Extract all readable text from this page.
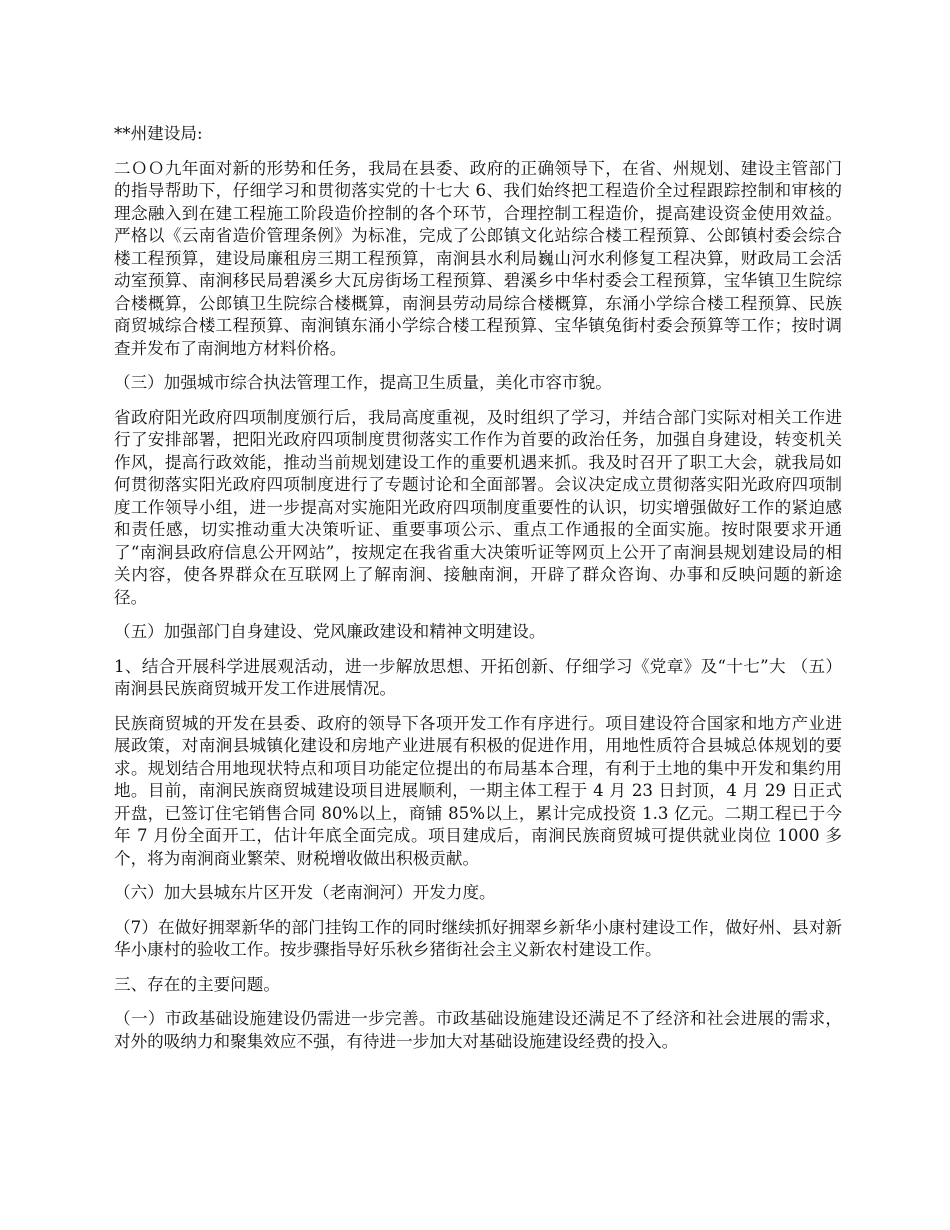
**州建设局:

二ＯＯ九年面对新的形势和任务，我局在县委、政府的正确领导下，在省、州规划、建设主管部门的指导帮助下，仔细学习和贯彻落实党的十七大 6、我们始终把工程造价全过程跟踪控制和审核的理念融入到在建工程施工阶段造价控制的各个环节，合理控制工程造价，提高建设资金使用效益。严格以《云南省造价管理条例》为标准，完成了公郎镇文化站综合楼工程预算、公郎镇村委会综合楼工程预算，建设局廉租房三期工程预算，南涧县水利局巍山河水利修复工程决算，财政局工会活动室预算、南涧移民局碧溪乡大瓦房街场工程预算、碧溪乡中华村委会工程预算，宝华镇卫生院综合楼概算，公郎镇卫生院综合楼概算，南涧县劳动局综合楼概算，东涌小学综合楼工程预算、民族商贸城综合楼工程预算、南涧镇东涌小学综合楼工程预算、宝华镇兔街村委会预算等工作；按时调查并发布了南涧地方材料价格。

（三）加强城市综合执法管理工作，提高卫生质量，美化市容市貌。

省政府阳光政府四项制度颁行后，我局高度重视，及时组织了学习，并结合部门实际对相关工作进行了安排部署，把阳光政府四项制度贯彻落实工作作为首要的政治任务，加强自身建设，转变机关作风，提高行政效能，推动当前规划建设工作的重要机遇来抓。我及时召开了职工大会，就我局如何贯彻落实阳光政府四项制度进行了专题讨论和全面部署。会议决定成立贯彻落实阳光政府四项制度工作领导小组，进一步提高对实施阳光政府四项制度重要性的认识，切实增强做好工作的紧迫感和责任感，切实推动重大决策听证、重要事项公示、重点工作通报的全面实施。按时限要求开通了“南涧县政府信息公开网站”，按规定在我省重大决策听证等网页上公开了南涧县规划建设局的相关内容，使各界群众在互联网上了解南涧、接触南涧，开辟了群众咨询、办事和反映问题的新途径。

（五）加强部门自身建设、党风廉政建设和精神文明建设。

1、结合开展科学进展观活动，进一步解放思想、开拓创新、仔细学习《党章》及“十七”大 （五）南涧县民族商贸城开发工作进展情况。

民族商贸城的开发在县委、政府的领导下各项开发工作有序进行。项目建设符合国家和地方产业进展政策，对南涧县城镇化建设和房地产业进展有积极的促进作用，用地性质符合县城总体规划的要求。规划结合用地现状特点和项目功能定位提出的布局基本合理，有利于土地的集中开发和集约用地。目前，南涧民族商贸城建设项目进展顺利，一期主体工程于 4 月 23 日封顶，4 月 29 日正式开盘，已签订住宅销售合同 80%以上，商铺 85%以上，累计完成投资 1.3 亿元。二期工程已于今年 7 月份全面开工，估计年底全面完成。项目建成后，南涧民族商贸城可提供就业岗位 1000 多个，将为南涧商业繁荣、财税增收做出积极贡献。

（六）加大县城东片区开发（老南涧河）开发力度。

（7）在做好拥翠新华的部门挂钩工作的同时继续抓好拥翠乡新华小康村建设工作，做好州、县对新华小康村的验收工作。按步骤指导好乐秋乡猪街社会主义新农村建设工作。

三、存在的主要问题。

（一）市政基础设施建设仍需进一步完善。市政基础设施建设还满足不了经济和社会进展的需求，对外的吸纳力和聚集效应不强，有待进一步加大对基础设施建设经费的投入。
